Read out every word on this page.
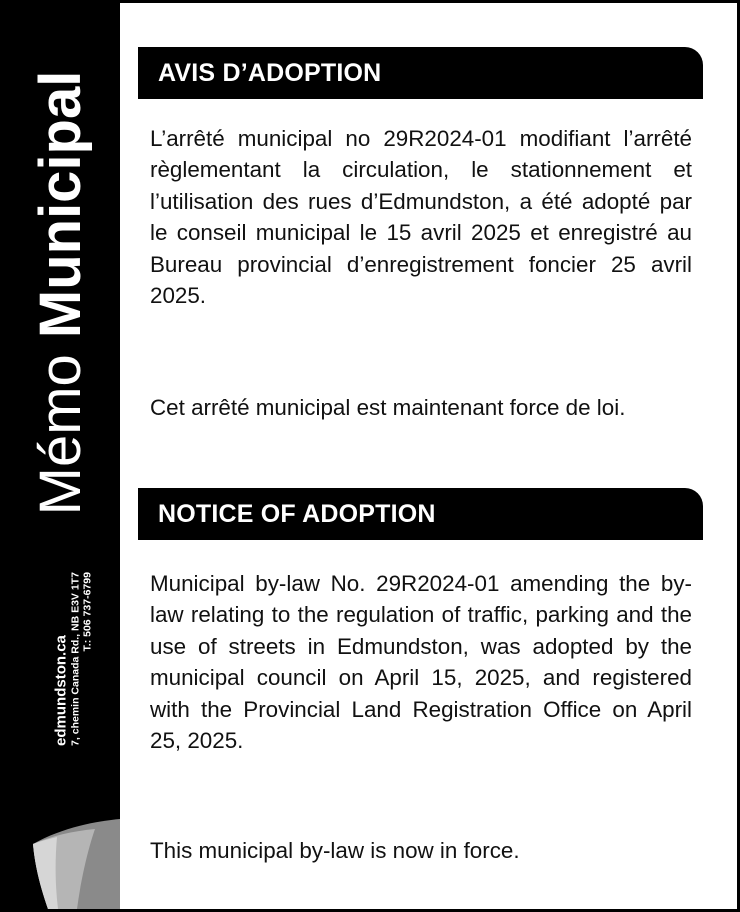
Mémo Municipal
edmundston.ca 7, chemin Canada Rd., NB E3V 1T7 T.: 506 737-6799
AVIS D’ADOPTION

L’arrêté municipal no 29R2024-01 modifiant l’arrêté règlementant la circulation, le stationnement et l’utilisation des rues d’Edmundston, a été adopté par le conseil municipal le 15 avril 2025 et enregistré au Bureau provincial d’enregistrement foncier 25 avril 2025.

Cet arrêté municipal est maintenant force de loi.

NOTICE OF ADOPTION

Municipal by-law No. 29R2024-01 amending the by-law relating to the regulation of traffic, parking and the use of streets in Edmundston, was adopted by the municipal council on April 15, 2025, and registered with the Provincial Land Registration Office on April 25, 2025.

This municipal by-law is now in force.
